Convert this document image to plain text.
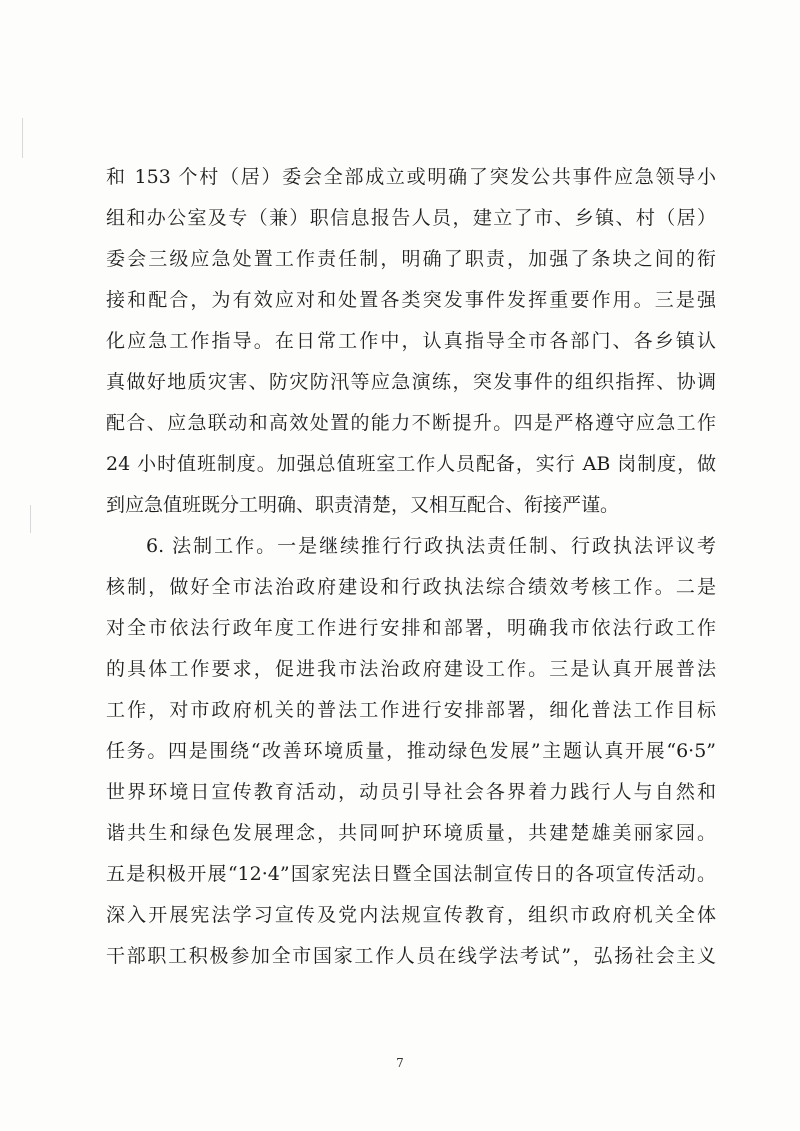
和 153 个村（居）委会全部成立或明确了突发公共事件应急领导小
组和办公室及专（兼）职信息报告人员，建立了市、乡镇、村（居）
委会三级应急处置工作责任制，明确了职责，加强了条块之间的衔
接和配合，为有效应对和处置各类突发事件发挥重要作用。三是强
化应急工作指导。在日常工作中，认真指导全市各部门、各乡镇认
真做好地质灾害、防灾防汛等应急演练，突发事件的组织指挥、协调
配合、应急联动和高效处置的能力不断提升。四是严格遵守应急工作
24 小时值班制度。加强总值班室工作人员配备，实行 AB 岗制度，做
到应急值班既分工明确、职责清楚，又相互配合、衔接严谨。
6. 法制工作。一是继续推行行政执法责任制、行政执法评议考
核制，做好全市法治政府建设和行政执法综合绩效考核工作。二是
对全市依法行政年度工作进行安排和部署，明确我市依法行政工作
的具体工作要求，促进我市法治政府建设工作。三是认真开展普法
工作，对市政府机关的普法工作进行安排部署，细化普法工作目标
任务。四是围绕“改善环境质量，推动绿色发展”主题认真开展“6·5”
世界环境日宣传教育活动，动员引导社会各界着力践行人与自然和
谐共生和绿色发展理念，共同呵护环境质量，共建楚雄美丽家园。
五是积极开展“12·4”国家宪法日暨全国法制宣传日的各项宣传活动。
深入开展宪法学习宣传及党内法规宣传教育，组织市政府机关全体
干部职工积极参加全市国家工作人员在线学法考试”，弘扬社会主义
7
